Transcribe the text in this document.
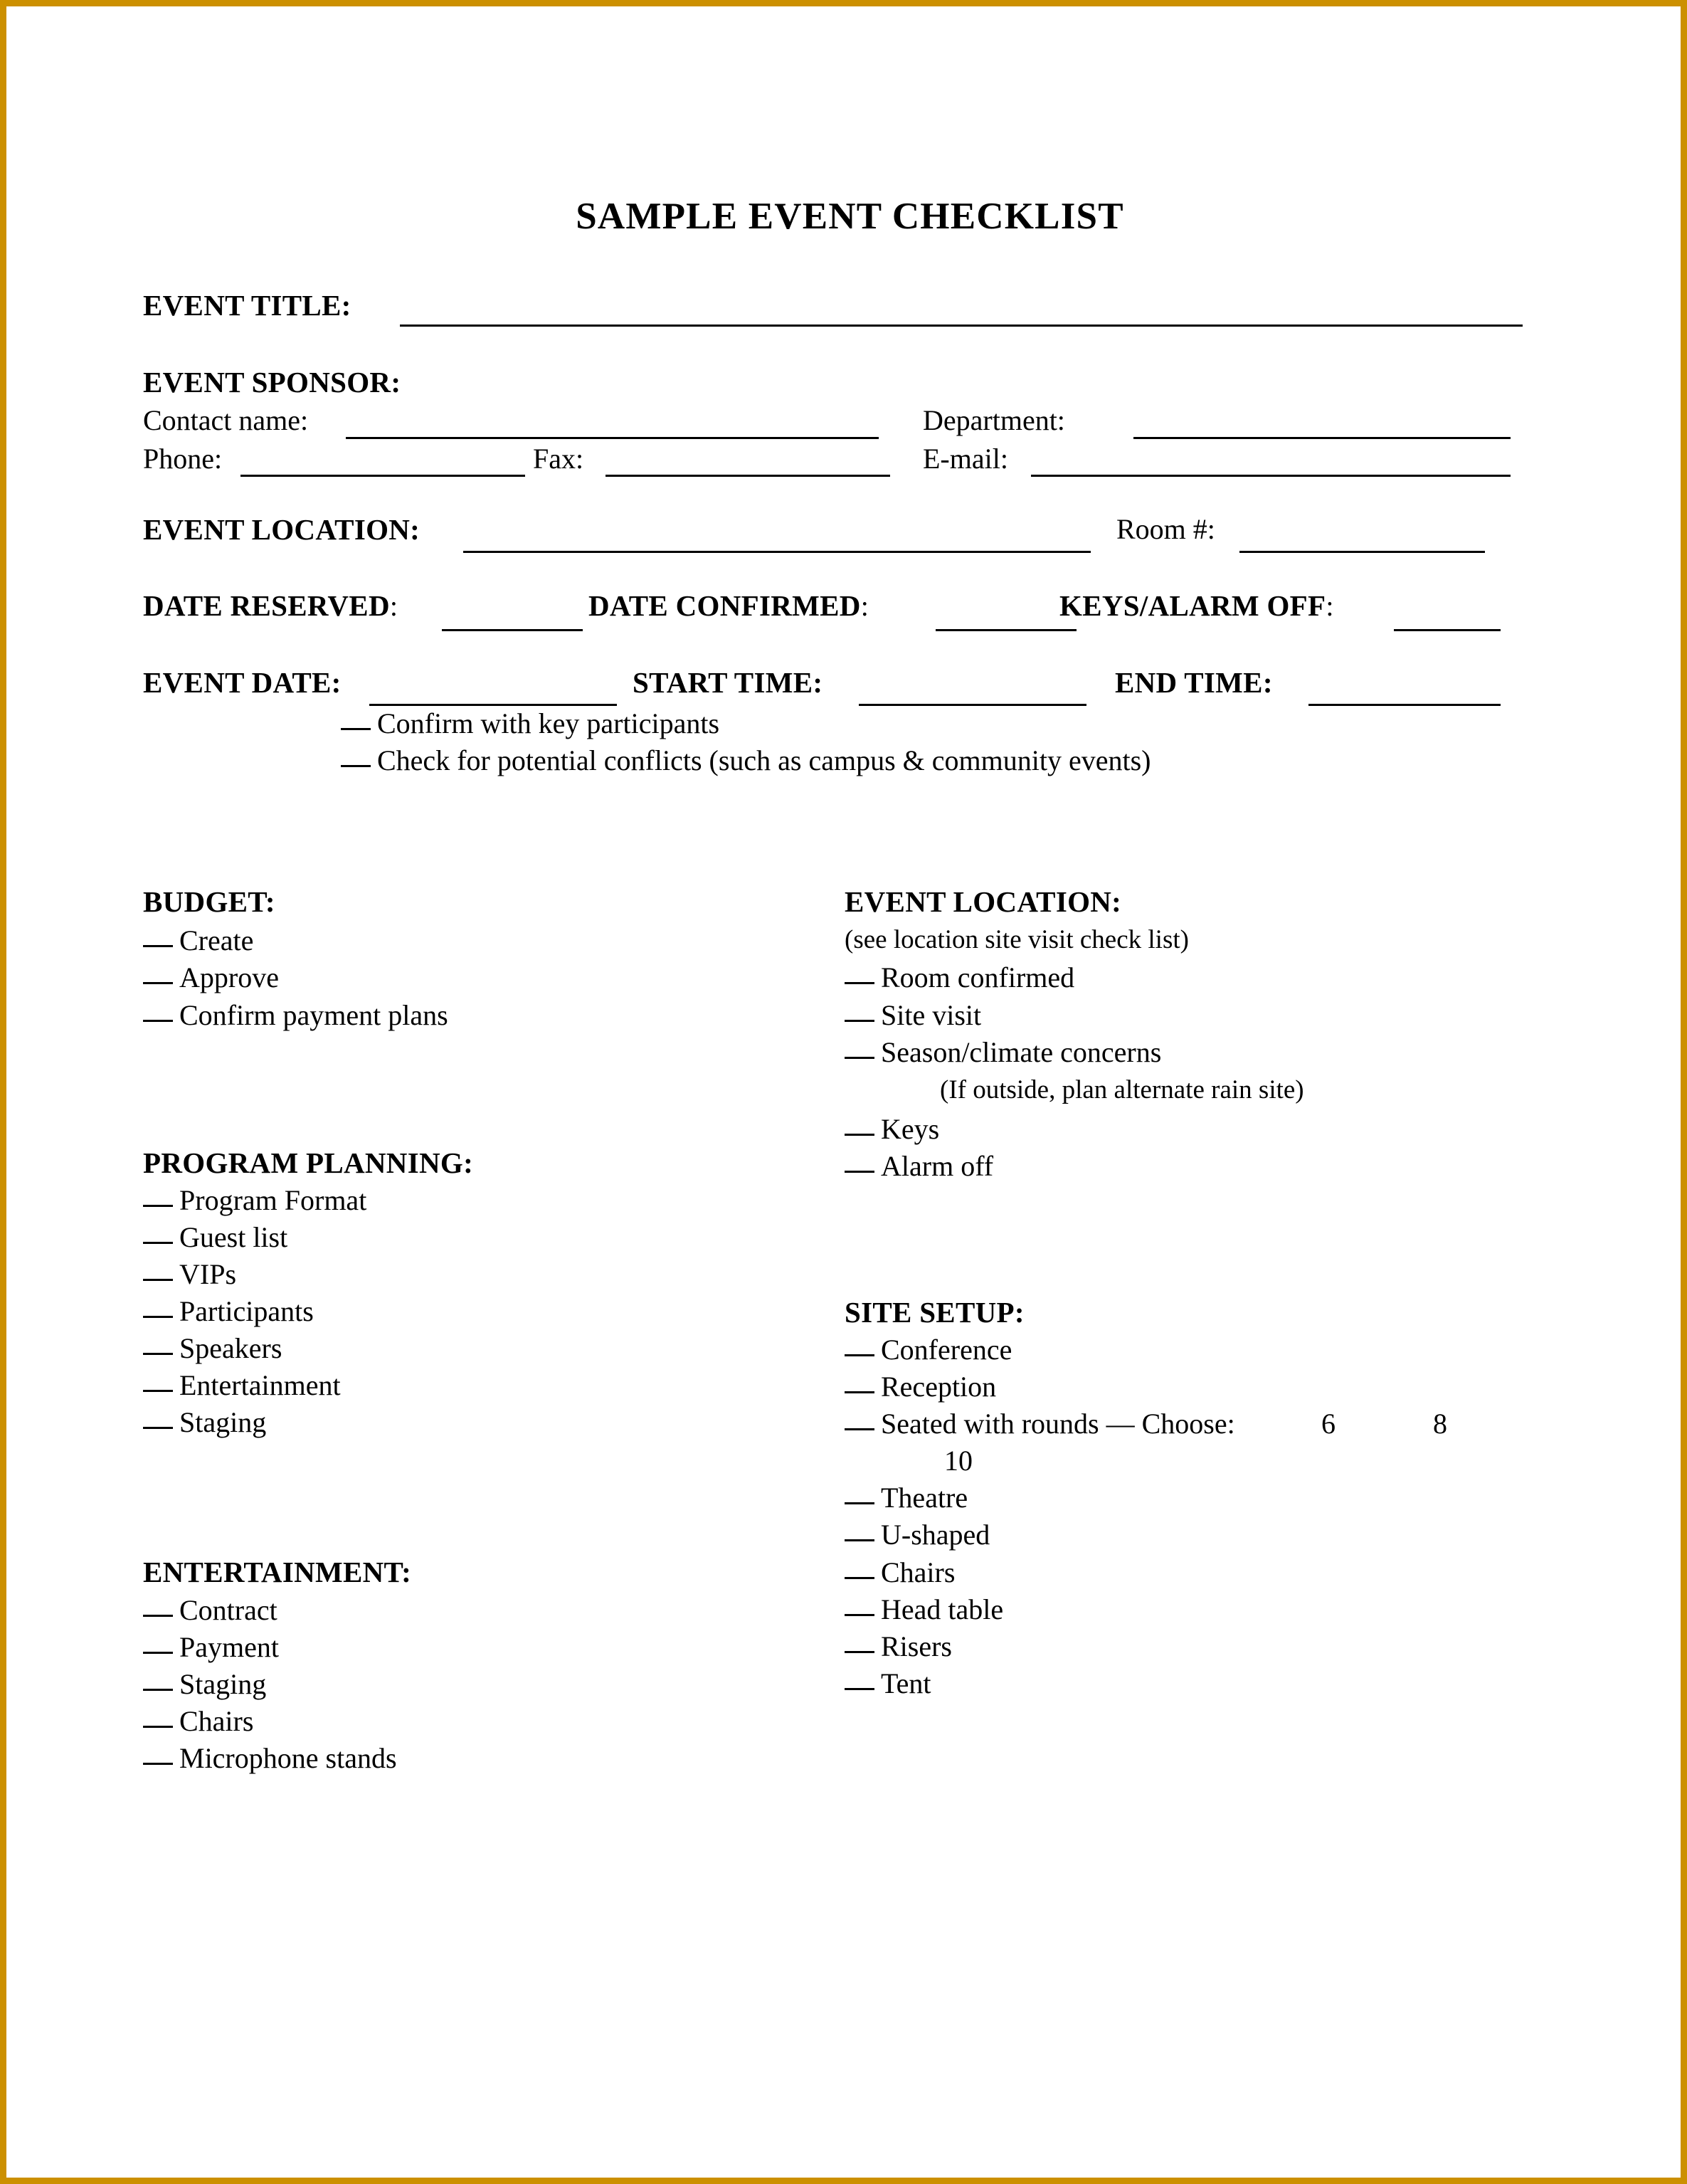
SAMPLE EVENT CHECKLIST
EVENT TITLE:
EVENT SPONSOR:
Contact name:	Department:
Phone:	Fax:	E-mail:
EVENT LOCATION:	Room #:
DATE RESERVED:	DATE CONFIRMED:	KEYS/ALARM OFF:
EVENT DATE:	START TIME:	END TIME:
Confirm with key participants
Check for potential conflicts (such as campus & community events)
BUDGET:
Create
Approve
Confirm payment plans
PROGRAM PLANNING:
Program Format
Guest list
VIPs
Participants
Speakers
Entertainment
Staging
ENTERTAINMENT:
Contract
Payment
Staging
Chairs
Microphone stands
EVENT LOCATION:
(see location site visit check list)
Room confirmed
Site visit
Season/climate concerns
(If outside, plan alternate rain site)
Keys
Alarm off
SITE SETUP:
Conference
Reception
Seated with rounds — Choose:	6	8
10
Theatre
U-shaped
Chairs
Head table
Risers
Tent
